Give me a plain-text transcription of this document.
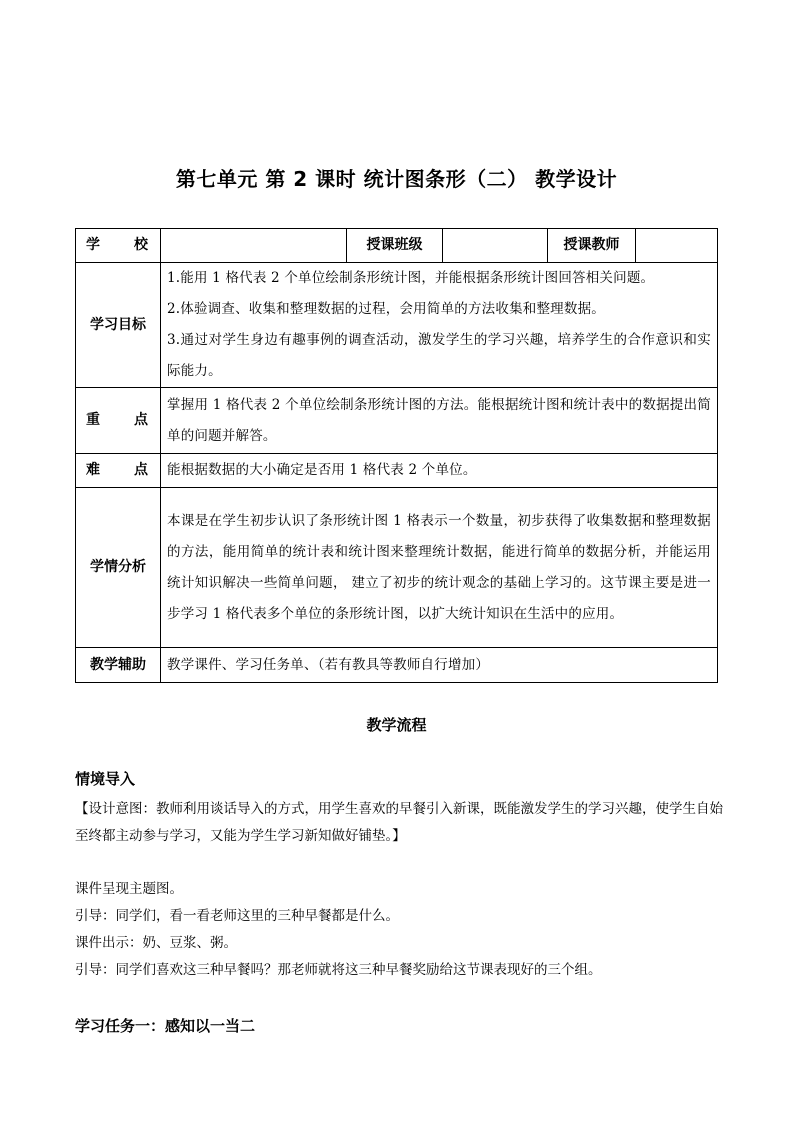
第七单元 第 2 课时 统计图条形（二） 教学设计
学 校		授课班级		授课教师	
学习目标	1.能用 1 格代表 2 个单位绘制条形统计图，并能根据条形统计图回答相关问题。
2.体验调查、收集和整理数据的过程，会用简单的方法收集和整理数据。
3.通过对学生身边有趣事例的调查活动，激发学生的学习兴趣，培养学生的合作意识和实际能力。				

重 点	掌握用 1 格代表 2 个单位绘制条形统计图的方法。能根据统计图和统计表中的数据提出简单的问题并解答。				

难 点	能根据数据的大小确定是否用 1 格代表 2 个单位。				
学情分析	本课是在学生初步认识了条形统计图 1 格表示一个数量，初步获得了收集数据和整理数据的方法，能用简单的统计表和统计图来整理统计数据，能进行简单的数据分析，并能运用统计知识解决一些简单问题， 建立了初步的统计观念的基础上学习的。这节课主要是进一步学习 1 格代表多个单位的条形统计图，以扩大统计知识在生活中的应用。				
教学辅助	教学课件、学习任务单、（若有教具等教师自行增加）				
教学流程
情境导入
【设计意图：教师利用谈话导入的方式，用学生喜欢的早餐引入新课，既能激发学生的学习兴趣，使学生自始至终都主动参与学习，又能为学生学习新知做好铺垫。】
课件呈现主题图。
引导：同学们，看一看老师这里的三种早餐都是什么。
课件出示：奶、豆浆、粥。
引导：同学们喜欢这三种早餐吗？那老师就将这三种早餐奖励给这节课表现好的三个组。
学习任务一：感知以一当二
